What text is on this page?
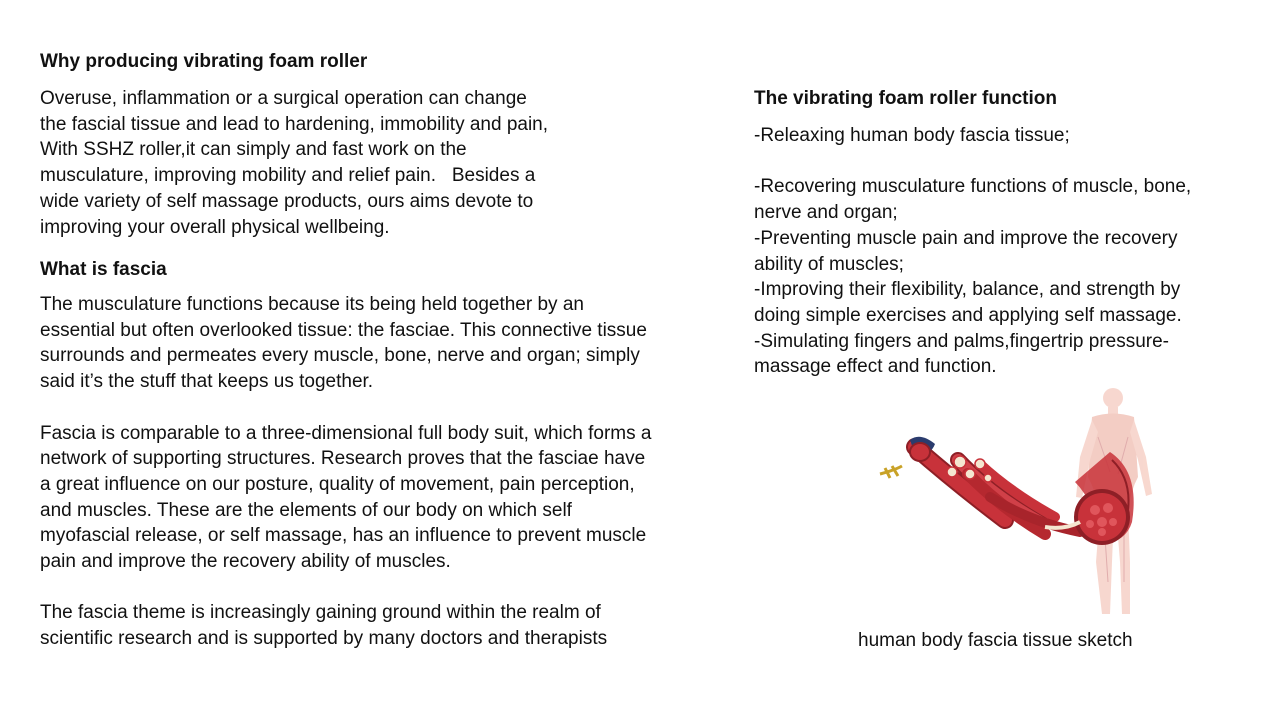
Why producing vibrating foam roller
Overuse, inflammation or a surgical operation can change
the fascial tissue and lead to hardening, immobility and pain,
With SSHZ roller,it can simply and fast work on the
musculature, improving mobility and relief pain.   Besides a
wide variety of self massage products, ours aims devote to
improving your overall physical wellbeing.
What is fascia
The musculature functions because its being held together by an
essential but often overlooked tissue: the fasciae. This connective tissue
surrounds and permeates every muscle, bone, nerve and organ; simply
said it’s the stuff that keeps us together.
Fascia is comparable to a three-dimensional full body suit, which forms a
network of supporting structures. Research proves that the fasciae have
a great influence on our posture, quality of movement, pain perception,
and muscles. These are the elements of our body on which self
myofascial release, or self massage, has an influence to prevent muscle
pain and improve the recovery ability of muscles.
The fascia theme is increasingly gaining ground within the realm of
scientific research and is supported by many doctors and therapists
The vibrating foam roller function
-Releaxing human body fascia tissue;
-Recovering musculature functions of muscle, bone,
nerve and organ;
-Preventing muscle pain and improve the recovery
ability of muscles;
-Improving their flexibility, balance, and strength by
doing simple exercises and applying self massage.
-Simulating fingers and palms,fingertrip pressure-
massage effect and function.
human body fascia tissue sketch
